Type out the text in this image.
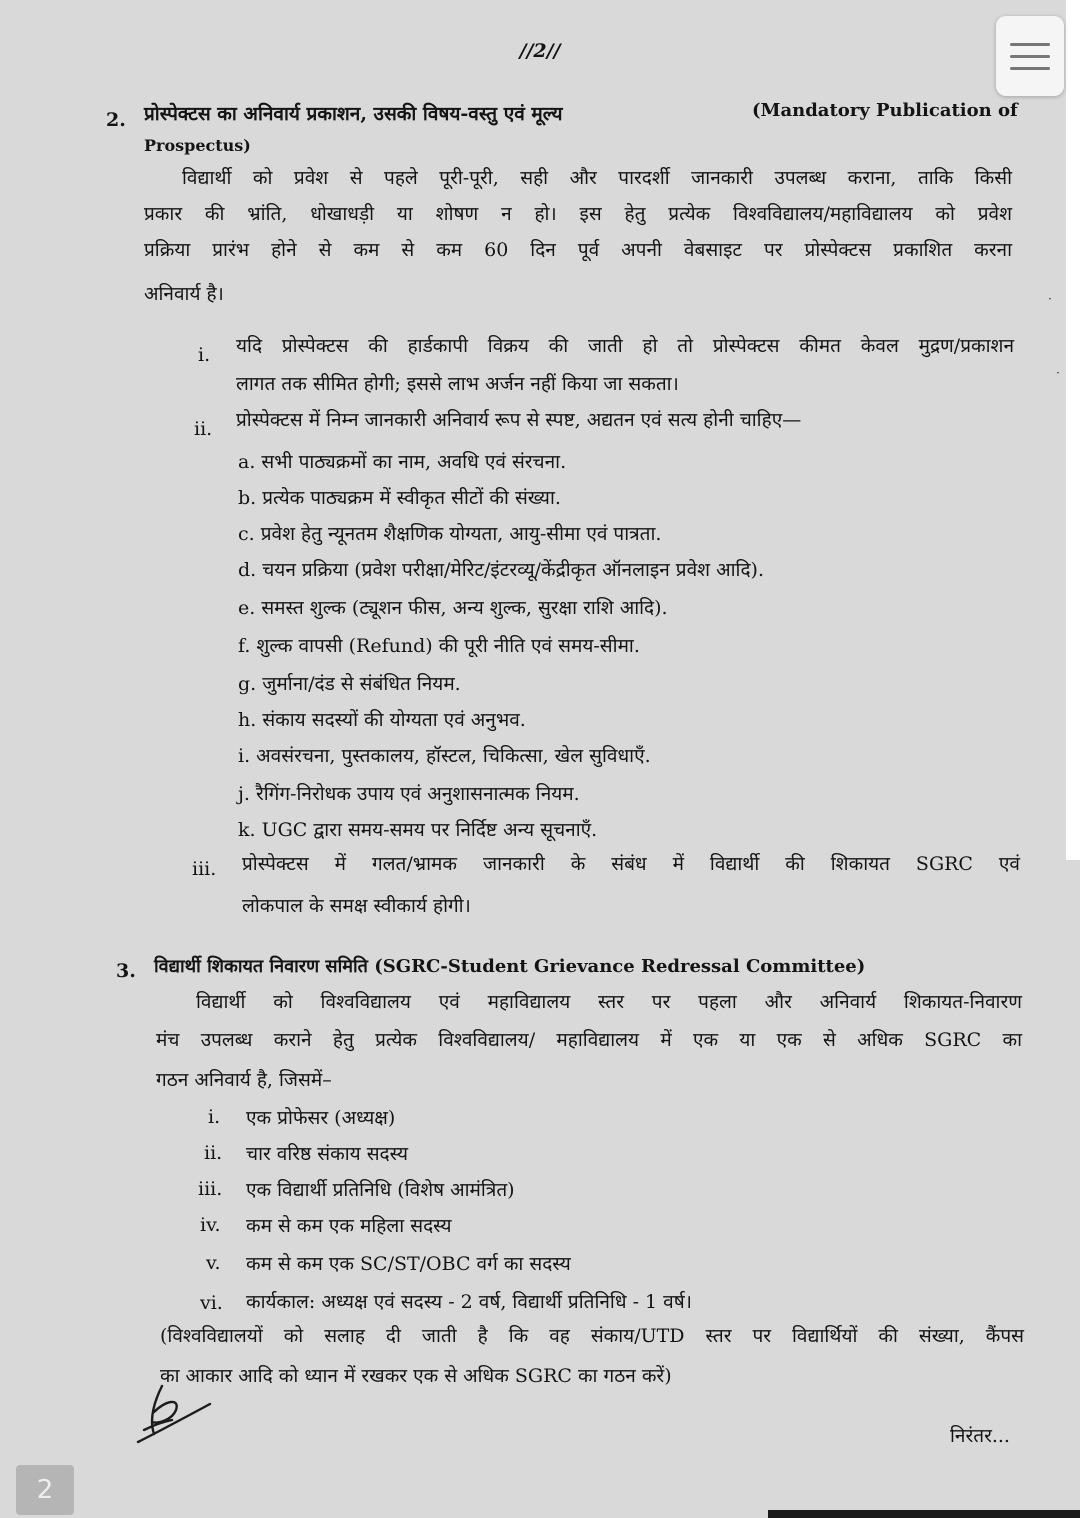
//2//
2. प्रोस्पेक्टस का अनिवार्य प्रकाशन, उसकी विषय-वस्तु एवं मूल्य	(Mandatory Publication of
Prospectus)
विद्यार्थी को प्रवेश से पहले पूरी-पूरी, सही और पारदर्शी जानकारी उपलब्ध कराना, ताकि किसी
प्रकार की भ्रांति, धोखाधड़ी या शोषण न हो। इस हेतु प्रत्येक विश्वविद्यालय/महाविद्यालय को प्रवेश
प्रक्रिया प्रारंभ होने से कम से कम 60 दिन पूर्व अपनी वेबसाइट पर प्रोस्पेक्टस प्रकाशित करना
अनिवार्य है।	·
·
i. यदि प्रोस्पेक्टस की हार्डकापी विक्रय की जाती हो तो प्रोस्पेक्टस कीमत केवल मुद्रण/प्रकाशन
लागत तक सीमित होगी; इससे लाभ अर्जन नहीं किया जा सकता।
ii. प्रोस्पेक्टस में निम्न जानकारी अनिवार्य रूप से स्पष्ट, अद्यतन एवं सत्य होनी चाहिए—
a. सभी पाठ्यक्रमों का नाम, अवधि एवं संरचना.
b. प्रत्येक पाठ्यक्रम में स्वीकृत सीटों की संख्या.
c. प्रवेश हेतु न्यूनतम शैक्षणिक योग्यता, आयु-सीमा एवं पात्रता.
d. चयन प्रक्रिया (प्रवेश परीक्षा/मेरिट/इंटरव्यू/केंद्रीकृत ऑनलाइन प्रवेश आदि).
e. समस्त शुल्क (ट्यूशन फीस, अन्य शुल्क, सुरक्षा राशि आदि).
f. शुल्क वापसी (Refund) की पूरी नीति एवं समय-सीमा.
g. जुर्माना/दंड से संबंधित नियम.
h. संकाय सदस्यों की योग्यता एवं अनुभव.
i. अवसंरचना, पुस्तकालय, हॉस्टल, चिकित्सा, खेल सुविधाएँ.
j. रैगिंग-निरोधक उपाय एवं अनुशासनात्मक नियम.
k. UGC द्वारा समय-समय पर निर्दिष्ट अन्य सूचनाएँ.
iii. प्रोस्पेक्टस में गलत/भ्रामक जानकारी के संबंध में विद्यार्थी की शिकायत SGRC एवं
लोकपाल के समक्ष स्वीकार्य होगी।
3. विद्यार्थी शिकायत निवारण समिति (SGRC-Student Grievance Redressal Committee)
विद्यार्थी को विश्वविद्यालय एवं महाविद्यालय स्तर पर पहला और अनिवार्य शिकायत-निवारण
मंच उपलब्ध कराने हेतु प्रत्येक विश्वविद्यालय/ महाविद्यालय में एक या एक से अधिक SGRC का
गठन अनिवार्य है, जिसमें–
i. एक प्रोफेसर (अध्यक्ष)
ii. चार वरिष्ठ संकाय सदस्य
iii. एक विद्यार्थी प्रतिनिधि (विशेष आमंत्रित)
iv. कम से कम एक महिला सदस्य
v. कम से कम एक SC/ST/OBC वर्ग का सदस्य
vi. कार्यकाल: अध्यक्ष एवं सदस्य - 2 वर्ष, विद्यार्थी प्रतिनिधि - 1 वर्ष।
(विश्वविद्यालयों को सलाह दी जाती है कि वह संकाय/UTD स्तर पर विद्यार्थियों की संख्या, कैंपस
का आकार आदि को ध्यान में रखकर एक से अधिक SGRC का गठन करें)
निरंतर...
2
